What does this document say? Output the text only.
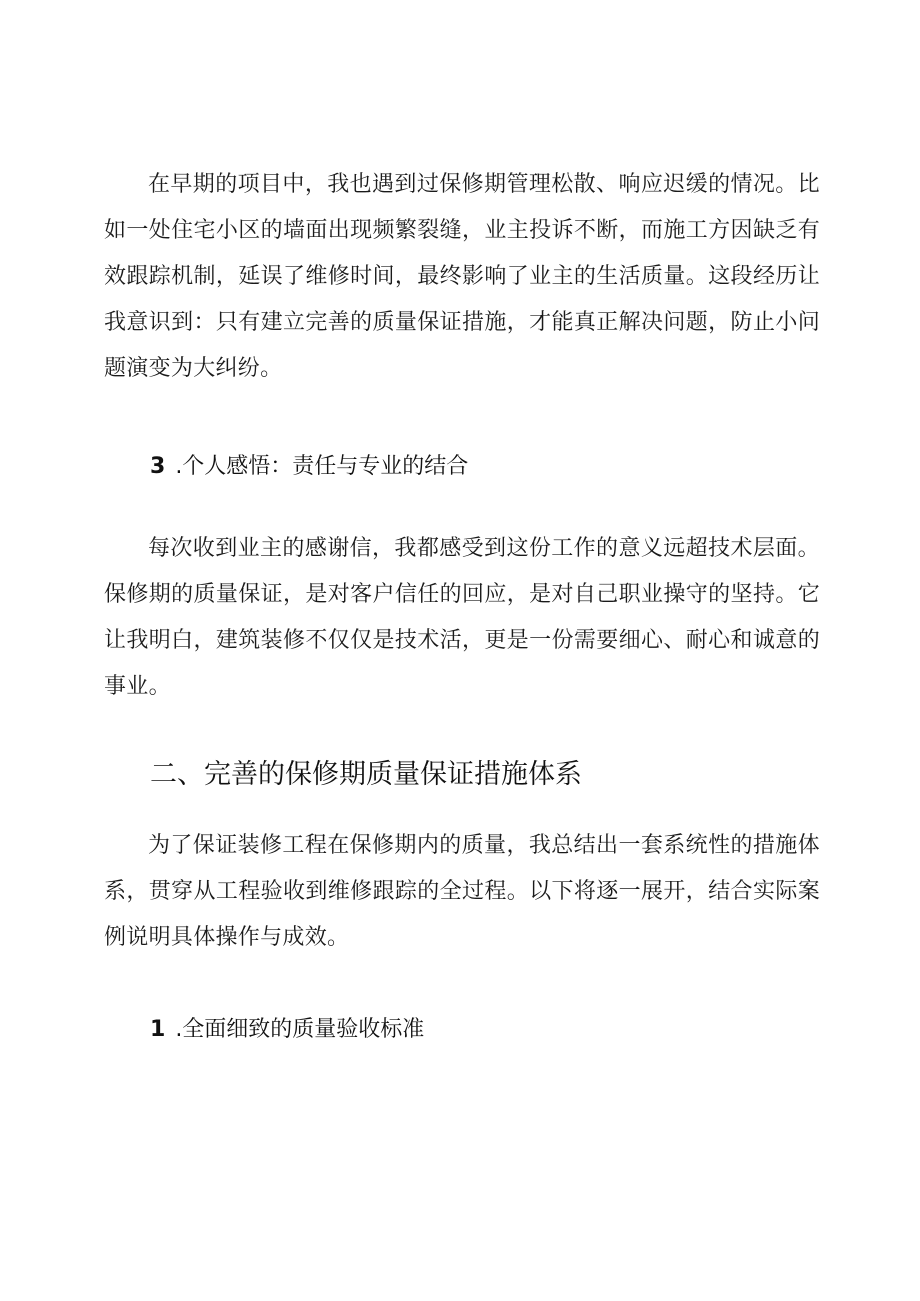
在早期的项目中，我也遇到过保修期管理松散、响应迟缓的情况。比如一处住宅小区的墙面出现频繁裂缝，业主投诉不断，而施工方因缺乏有效跟踪机制，延误了维修时间，最终影响了业主的生活质量。这段经历让我意识到：只有建立完善的质量保证措施，才能真正解决问题，防止小问题演变为大纠纷。

3 .个人感悟：责任与专业的结合

每次收到业主的感谢信，我都感受到这份工作的意义远超技术层面。保修期的质量保证，是对客户信任的回应，是对自己职业操守的坚持。它让我明白，建筑装修不仅仅是技术活，更是一份需要细心、耐心和诚意的事业。

二、完善的保修期质量保证措施体系

为了保证装修工程在保修期内的质量，我总结出一套系统性的措施体系，贯穿从工程验收到维修跟踪的全过程。以下将逐一展开，结合实际案例说明具体操作与成效。

1 .全面细致的质量验收标准
